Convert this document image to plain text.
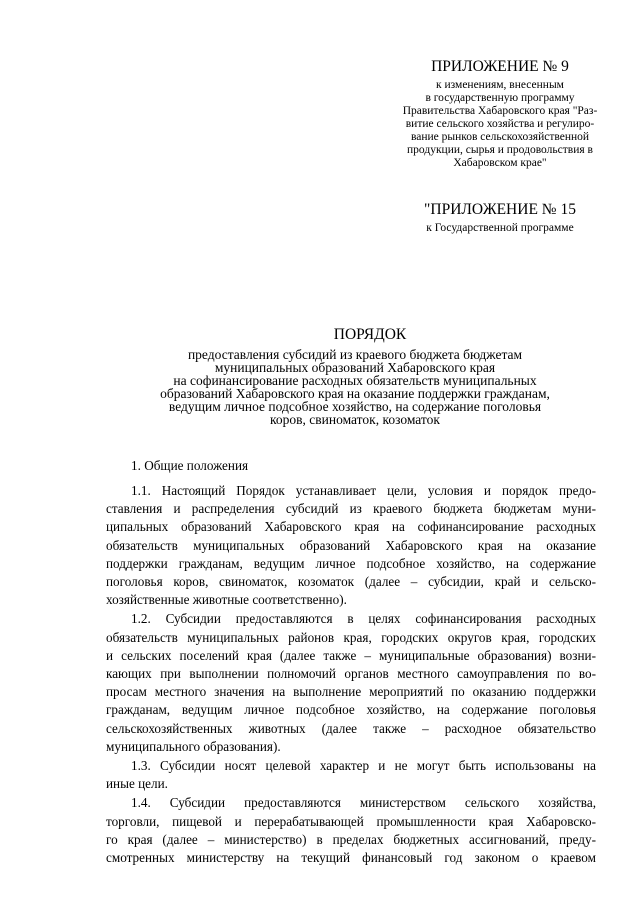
ПРИЛОЖЕНИЕ № 9
к изменениям, внесенным
в государственную программу
Правительства Хабаровского края "Раз-
витие сельского хозяйства и регулиро-
вание рынков сельскохозяйственной
продукции, сырья и продовольствия в
Хабаровском крае"
"ПРИЛОЖЕНИЕ № 15
к Государственной программе
ПОРЯДОК
предоставления субсидий из краевого бюджета бюджетам
муниципальных образований Хабаровского края
на софинансирование расходных обязательств муниципальных
образований Хабаровского края на оказание поддержки гражданам,
ведущим личное подсобное хозяйство, на содержание поголовья
коров, свиноматок, козоматок
1. Общие положения

1.1. Настоящий Порядок устанавливает цели, условия и порядок предо-

ставления и распределения субсидий из краевого бюджета бюджетам муни-

ципальных образований Хабаровского края на софинансирование расходных

обязательств муниципальных образований Хабаровского края на оказание

поддержки гражданам, ведущим личное подсобное хозяйство, на содержание

поголовья коров, свиноматок, козоматок (далее – субсидии, край и сельско-

хозяйственные животные соответственно).

1.2. Субсидии предоставляются в целях софинансирования расходных

обязательств муниципальных районов края, городских округов края, городских

и сельских поселений края (далее также – муниципальные образования) возни-

кающих при выполнении полномочий органов местного самоуправления по во-

просам местного значения на выполнение мероприятий по оказанию поддержки

гражданам, ведущим личное подсобное хозяйство, на содержание поголовья

сельскохозяйственных животных (далее также – расходное обязательство

муниципального образования).

1.3. Субсидии носят целевой характер и не могут быть использованы на

иные цели.

1.4. Субсидии предоставляются министерством сельского хозяйства,

торговли, пищевой и перерабатывающей промышленности края Хабаровско-

го края (далее – министерство) в пределах бюджетных ассигнований, преду-

смотренных министерству на текущий финансовый год законом о краевом
